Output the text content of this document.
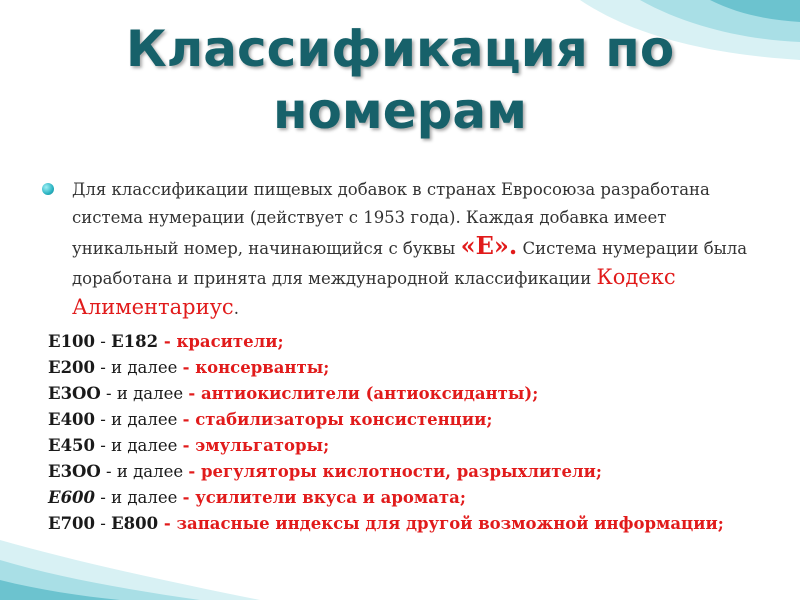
Классификация по номерам
Для классификации пищевых добавок в странах Евросоюза разработана система нумерации (действует с 1953 года). Каждая добавка имеет уникальный номер, начинающийся с буквы «E». Система нумерации была доработана и принята для международной классификации Кодекс Алиментариус.
E100 - E182 - красители;
E200 - и далее - консерванты;
E3OO - и далее - антиокислители (антиоксиданты);
E400 - и далее - стабилизаторы консистенции;
E450 - и далее - эмульгаторы;
E3OO - и далее - регуляторы кислотности, разрыхлители;
E600 - и далее - усилители вкуса и аромата;
E700 - E800 - запасные индексы для другой возможной информации;
